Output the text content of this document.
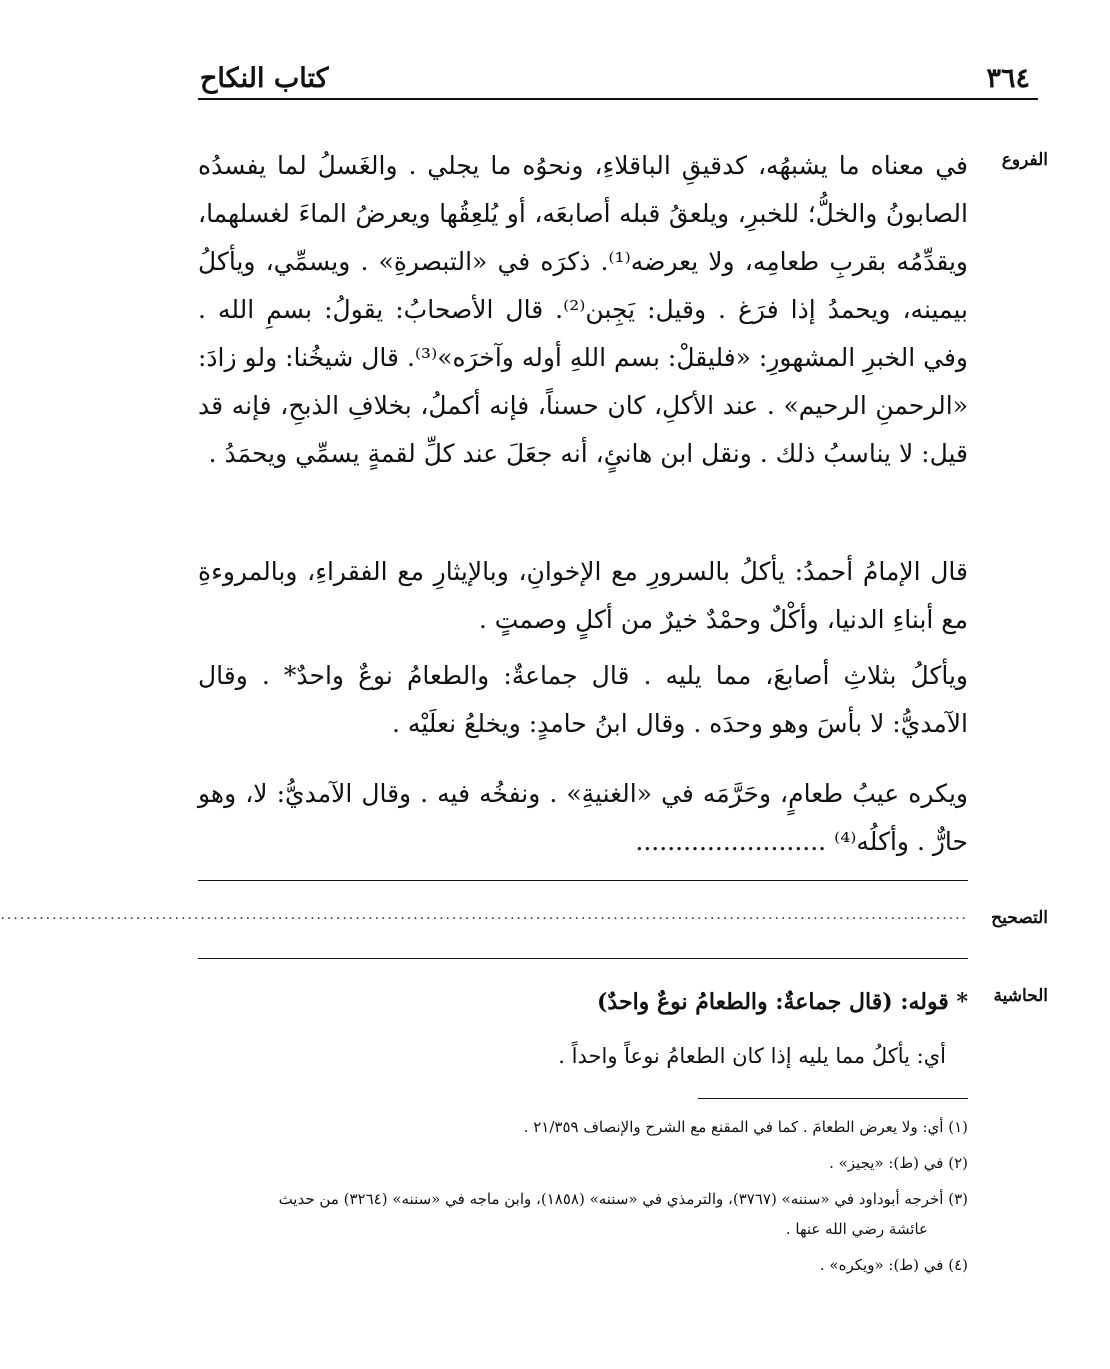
٣٦٤
كتاب النكاح
الفروع
التصحيح
الحاشية

في معناه ما يشبهُه، كدقيقِ الباقلاءِ، ونحوُه ما يجلي . والغَسلُ لما يفسدُه الصابونُ والخلُّ؛ للخبرِ، ويلعقُ قبله أصابعَه، أو يُلعِقُها ويعرضُ الماءَ لغسلهما، ويقدِّمُه بقربِ طعامِه، ولا يعرضه⁽¹⁾. ذكرَه في «التبصرةِ» . ويسمِّي، ويأكلُ بيمينه، ويحمدُ إذا فرَغ . وقيل: يَجِبن⁽²⁾. قال الأصحابُ: يقولُ: بسمِ الله . وفي الخبرِ المشهورِ: «فليقلْ: بسم اللهِ أوله وآخرَه»⁽³⁾. قال شيخُنا: ولو زادَ: «الرحمنِ الرحيم» . عند الأكلِ، كان حسناً، فإنه أكملُ، بخلافِ الذبحِ، فإنه قد قيل: لا يناسبُ ذلك . ونقل ابن هانئٍ، أنه جعَلَ عند كلِّ لقمةٍ يسمِّي ويحمَدُ .

قال الإمامُ أحمدُ: يأكلُ بالسرورِ مع الإخوانِ، وبالإيثارِ مع الفقراءِ، وبالمروءةِ مع أبناءِ الدنيا، وأكْلٌ وحمْدٌ خيرٌ من أكلٍ وصمتٍ .

ويأكلُ بثلاثِ أصابعَ، مما يليه . قال جماعةٌ: والطعامُ نوعٌ واحدٌ* . وقال الآمديُّ: لا بأسَ وهو وحدَه . وقال ابنُ حامدٍ: ويخلعُ نعلَيْه .

ويكره عيبُ طعامٍ، وحَرَّمَه في «الغنيةِ» . ونفخُه فيه . وقال الآمديُّ: لا، وهو حارٌّ . وأكلُه⁽⁴⁾ ........................

......................................................................................................................................................
* قوله: (قال جماعةٌ: والطعامُ نوعٌ واحدٌ)
أي: يأكلُ مما يليه إذا كان الطعامُ نوعاً واحداً .

(١) أي: ولا يعرض الطعامَ . كما في المقنع مع الشرح والإنصاف ٢١/٣٥٩ .

(٢) في (ط): «يجيز» .

(٣) أخرجه أبوداود في «سننه» (٣٧٦٧)، والترمذي في «سننه» (١٨٥٨)، وابن ماجه في «سننه» (٣٢٦٤) من حديث

عائشة رضي الله عنها .

(٤) في (ط): «ويكره» .
